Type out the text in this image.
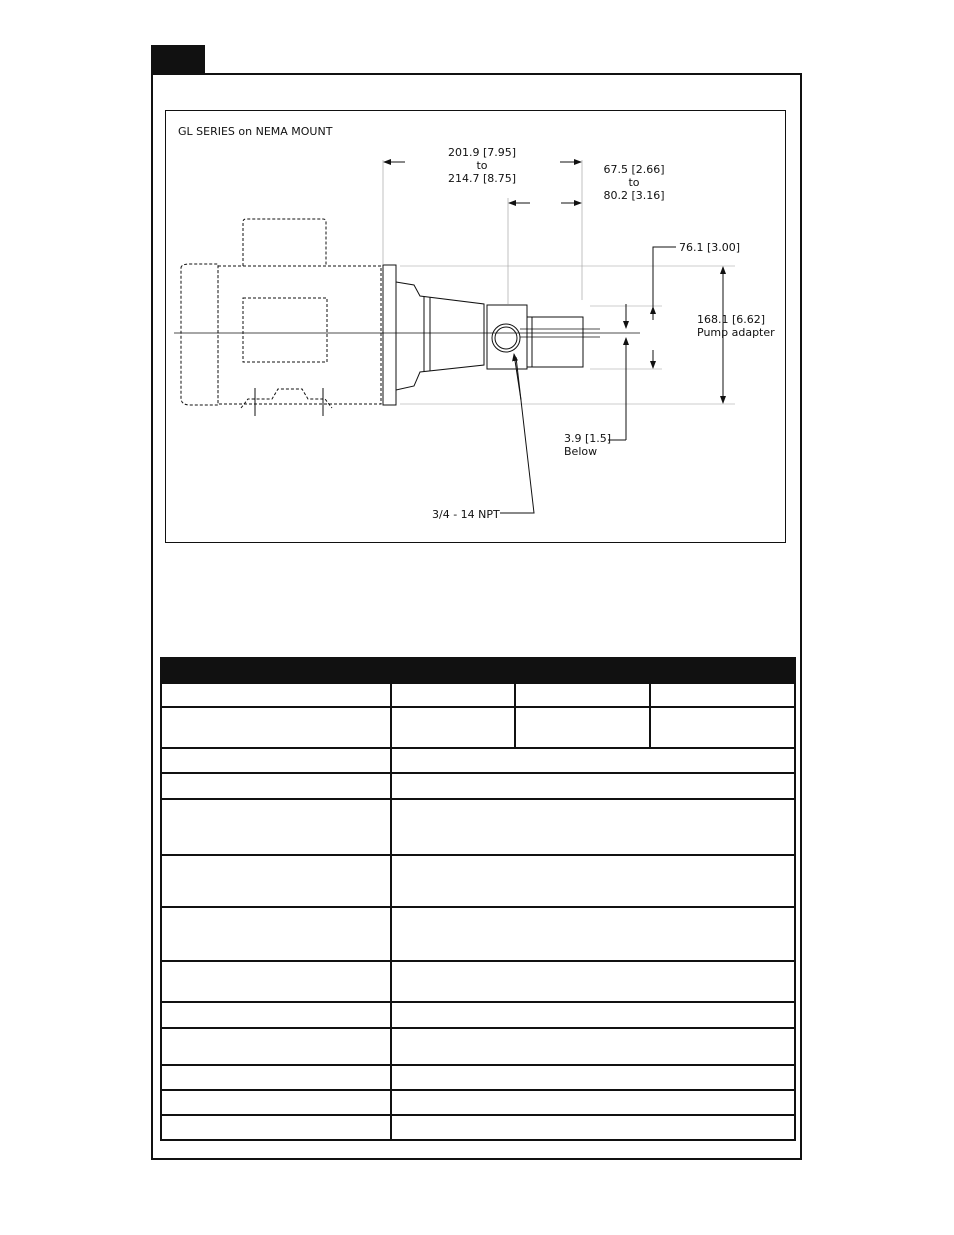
GL SERIES on NEMA MOUNT
201.9 [7.95]
to
214.7 [8.75]
67.5 [2.66]
to
80.2 [3.16]
76.1 [3.00]
168.1 [6.62]
Pump adapter
3.9 [1.5]
Below
3/4 - 14 NPT
